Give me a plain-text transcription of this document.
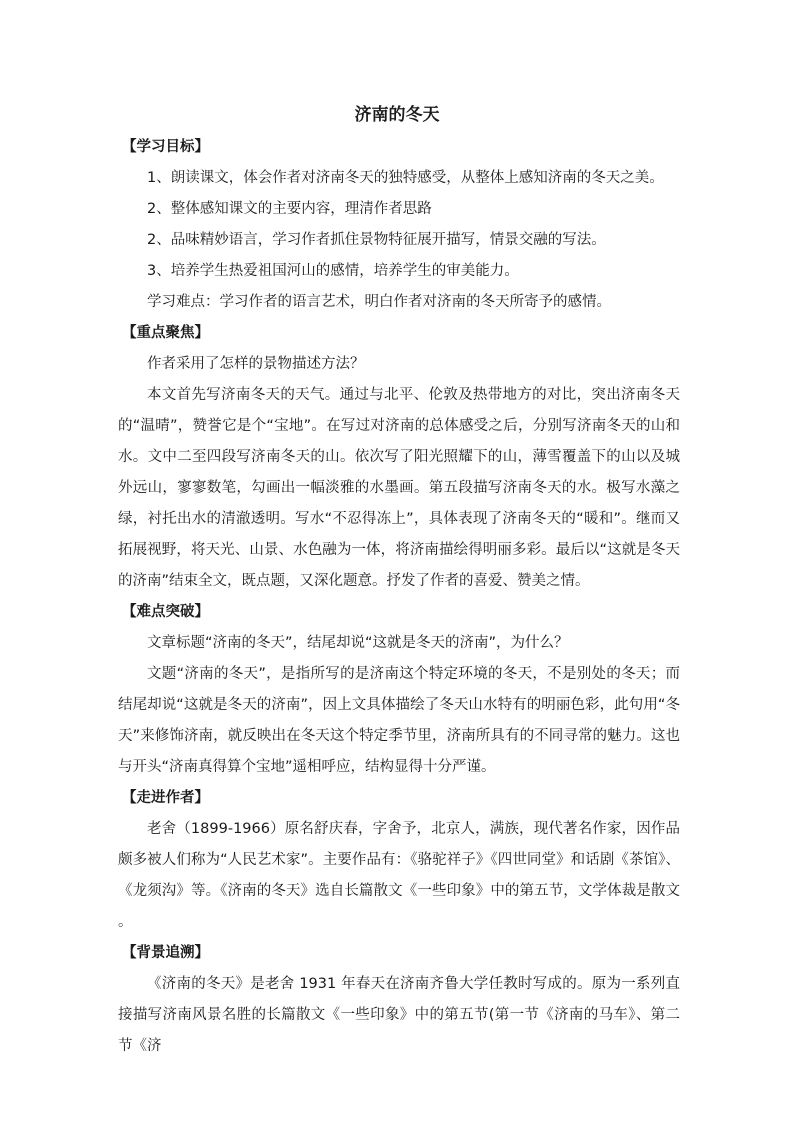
济南的冬天

【学习目标】

1、朗读课文，体会作者对济南冬天的独特感受，从整体上感知济南的冬天之美。

2、整体感知课文的主要内容，理清作者思路

2、品味精妙语言，学习作者抓住景物特征展开描写，情景交融的写法。

3、培养学生热爱祖国河山的感情，培养学生的审美能力。

学习难点：学习作者的语言艺术，明白作者对济南的冬天所寄予的感情。

【重点聚焦】

作者采用了怎样的景物描述方法？

本文首先写济南冬天的天气。通过与北平、伦敦及热带地方的对比，突出济南冬天的“温晴”，赞誉它是个“宝地”。在写过对济南的总体感受之后，分别写济南冬天的山和水。文中二至四段写济南冬天的山。依次写了阳光照耀下的山，薄雪覆盖下的山以及城外远山，寥寥数笔，勾画出一幅淡雅的水墨画。第五段描写济南冬天的水。极写水藻之绿，衬托出水的清澈透明。写水“不忍得冻上”，具体表现了济南冬天的“暖和”。继而又拓展视野，将天光、山景、水色融为一体，将济南描绘得明丽多彩。最后以“这就是冬天的济南”结束全文，既点题，又深化题意。抒发了作者的喜爱、赞美之情。

【难点突破】

文章标题“济南的冬天”，结尾却说“这就是冬天的济南”，为什么？

文题“济南的冬天”，是指所写的是济南这个特定环境的冬天，不是别处的冬天；而结尾却说“这就是冬天的济南”，因上文具体描绘了冬天山水特有的明丽色彩，此句用“冬天”来修饰济南，就反映出在冬天这个特定季节里，济南所具有的不同寻常的魅力。这也与开头“济南真得算个宝地”遥相呼应，结构显得十分严谨。

【走进作者】

老舍（1899-1966）原名舒庆春，字舍予，北京人，满族，现代著名作家，因作品颇多被人们称为“人民艺术家”。主要作品有：《骆驼祥子》《四世同堂》和话剧《茶馆》、《龙须沟》等。《济南的冬天》选自长篇散文《一些印象》中的第五节，文学体裁是散文 。

【背景追溯】

《济南的冬天》是老舍 1931 年春天在济南齐鲁大学任教时写成的。原为一系列直接描写济南风景名胜的长篇散文《一些印象》中的第五节(第一节《济南的马车》、第二节《济
